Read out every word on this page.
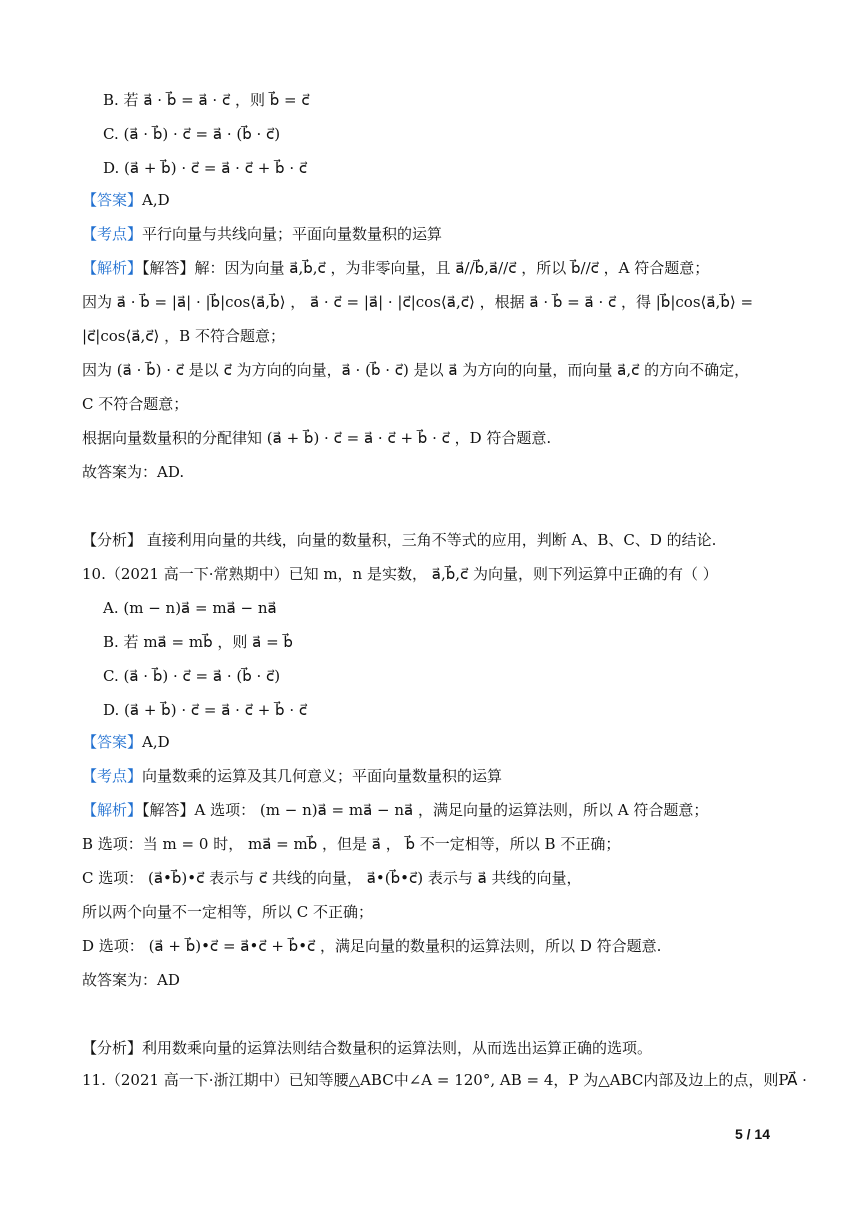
B. 若 a⃗ · b⃗ = a⃗ · c⃗ ，则 b⃗ = c⃗
C. (a⃗ · b⃗) · c⃗ = a⃗ · (b⃗ · c⃗)
D. (a⃗ + b⃗) · c⃗ = a⃗ · c⃗ + b⃗ · c⃗
【答案】A,D
【考点】平行向量与共线向量；平面向量数量积的运算
【解析】【解答】解：因为向量 a⃗,b⃗,c⃗ ，为非零向量，且 a⃗//b⃗,a⃗//c⃗ ，所以 b⃗//c⃗ ，A 符合题意；
因为 a⃗ · b⃗ = |a⃗| · |b⃗|cos⟨a⃗,b⃗⟩ ， a⃗ · c⃗ = |a⃗| · |c⃗|cos⟨a⃗,c⃗⟩ ，根据 a⃗ · b⃗ = a⃗ · c⃗ ，得 |b⃗|cos⟨a⃗,b⃗⟩ =
|c⃗|cos⟨a⃗,c⃗⟩ ，B 不符合题意；
因为 (a⃗ · b⃗) · c⃗ 是以 c⃗ 为方向的向量，a⃗ · (b⃗ · c⃗) 是以 a⃗ 为方向的向量，而向量 a⃗,c⃗ 的方向不确定，
C 不符合题意；
根据向量数量积的分配律知 (a⃗ + b⃗) · c⃗ = a⃗ · c⃗ + b⃗ · c⃗ ，D 符合题意.
故答案为：AD.
【分析】 直接利用向量的共线，向量的数量积，三角不等式的应用，判断 A、B、C、D 的结论.
10.（2021 高一下·常熟期中）已知 m，n 是实数， a⃗,b⃗,c⃗ 为向量，则下列运算中正确的有（ ）
A. (m − n)a⃗ = ma⃗ − na⃗
B. 若 ma⃗ = mb⃗ ，则 a⃗ = b⃗
C. (a⃗ · b⃗) · c⃗ = a⃗ · (b⃗ · c⃗)
D. (a⃗ + b⃗) · c⃗ = a⃗ · c⃗ + b⃗ · c⃗
【答案】A,D
【考点】向量数乘的运算及其几何意义；平面向量数量积的运算
【解析】【解答】A 选项： (m − n)a⃗ = ma⃗ − na⃗ ，满足向量的运算法则，所以 A 符合题意；
B 选项：当 m = 0 时， ma⃗ = mb⃗ ，但是 a⃗ ， b⃗ 不一定相等，所以 B 不正确；
C 选项： (a⃗•b⃗)•c⃗ 表示与 c⃗ 共线的向量， a⃗•(b⃗•c⃗) 表示与 a⃗ 共线的向量，
所以两个向量不一定相等，所以 C 不正确；
D 选项： (a⃗ + b⃗)•c⃗ = a⃗•c⃗ + b⃗•c⃗ ，满足向量的数量积的运算法则，所以 D 符合题意.
故答案为：AD
【分析】利用数乘向量的运算法则结合数量积的运算法则，从而选出运算正确的选项。
11.（2021 高一下·浙江期中）已知等腰△ABC中∠A = 120°, AB = 4，P 为△ABC内部及边上的点，则PA⃗ ·
5 / 14
